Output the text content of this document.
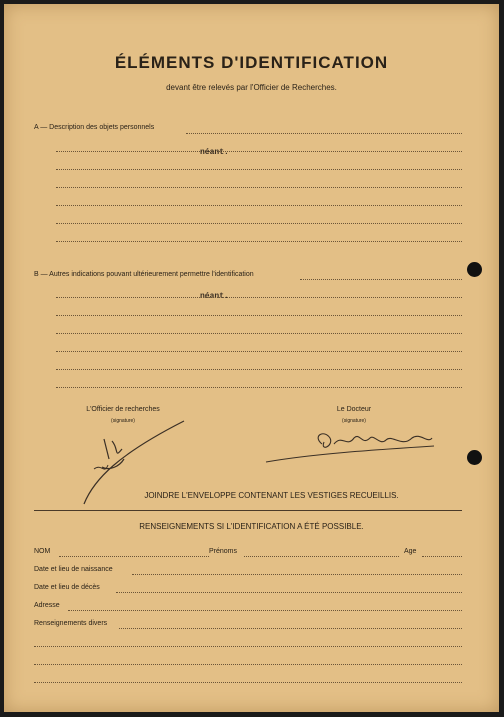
ÉLÉMENTS D'IDENTIFICATION
devant être relevés par l'Officier de Recherches.
A — Description des objets personnels
néant.
B — Autres indications pouvant ultérieurement permettre l'identification
néant.
L'Officier de recherches
(signature)
Le Docteur
(signature)
JOINDRE L'ENVELOPPE CONTENANT LES VESTIGES RECUEILLIS.
RENSEIGNEMENTS SI L'IDENTIFICATION A ÉTÉ POSSIBLE.
NOM	Prénoms	Age
Date et lieu de naissance
Date et lieu de décès
Adresse
Renseignements divers
